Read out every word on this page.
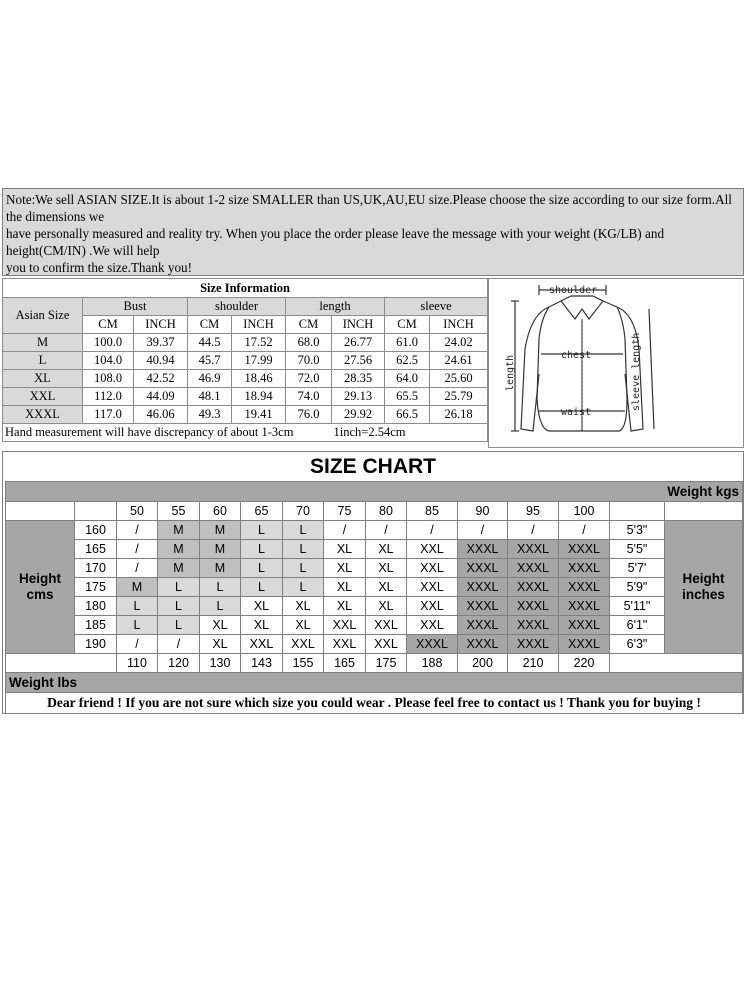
Note:We sell ASIAN SIZE.It is about 1-2 size SMALLER than US,UK,AU,EU size.Please choose the size according to our size form.All the dimensions we

have personally measured and reality try. When you place the order please leave the message with your weight (KG/LB) and height(CM/IN) .We will help

you to confirm the size.Thank you!

Size Information								
Asian Size	Bust		shoulder		length		sleeve	
	CM	INCH	CM	INCH	CM	INCH	CM	INCH
M	100.0	39.37	44.5	17.52	68.0	26.77	61.0	24.02
L	104.0	40.94	45.7	17.99	70.0	27.56	62.5	24.61
XL	108.0	42.52	46.9	18.46	72.0	28.35	64.0	25.60
XXL	112.0	44.09	48.1	18.94	74.0	29.13	65.5	25.79
XXXL	117.0	46.06	49.3	19.41	76.0	29.92	66.5	26.18
Hand measurement will have discrepancy of about 1-3cm						1inch=2.54cm		
shoulder
chest
waist
length	sleeve length
SIZE CHART
Weight kgs														
		50	55	60	65	70	75	80	85	90	95	100		
Height cms	160	/	M	M	L	L	/	/	/	/	/	/	5'3"	Height inches
	165	/	M	M	L	L	XL	XL	XXL	XXXL	XXXL	XXXL	5'5"	
	170	/	M	M	L	L	XL	XL	XXL	XXXL	XXXL	XXXL	5'7'	
	175	M	L	L	L	L	XL	XL	XXL	XXXL	XXXL	XXXL	5'9"	
	180	L	L	L	XL	XL	XL	XL	XXL	XXXL	XXXL	XXXL	5'11"	
	185	L	L	XL	XL	XL	XXL	XXL	XXL	XXXL	XXXL	XXXL	6'1"	
	190	/	/	XL	XXL	XXL	XXL	XXL	XXXL	XXXL	XXXL	XXXL	6'3"	
		110	120	130	143	155	165	175	188	200	210	220		
Weight lbs														
Dear friend ! If you are not sure which size you could wear . Please feel free to contact us ! Thank you for buying !														
